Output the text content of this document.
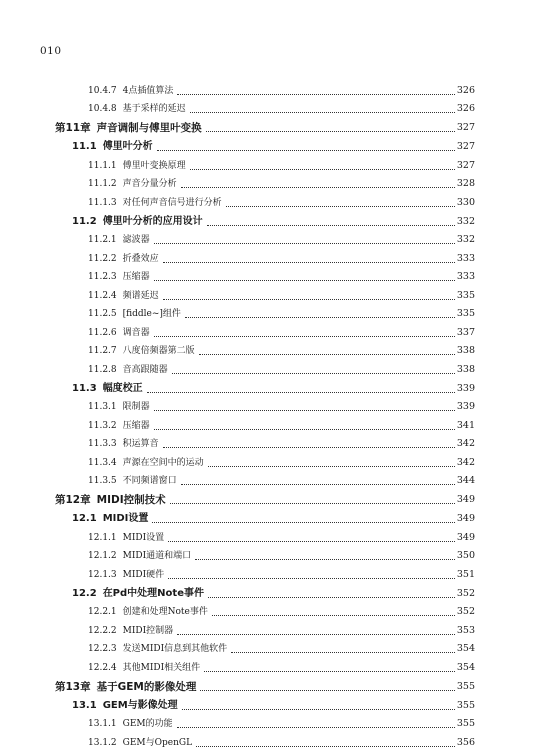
010
10.4.7 4点插值算法	326
10.4.8 基于采样的延迟	326
第11章 声音调制与傅里叶变换	327
11.1 傅里叶分析	327
11.1.1 傅里叶变换原理	327
11.1.2 声音分量分析	328
11.1.3 对任何声音信号进行分析	330
11.2 傅里叶分析的应用设计	332
11.2.1 滤波器	332
11.2.2 折叠效应	333
11.2.3 压缩器	333
11.2.4 频谱延迟	335
11.2.5 [fiddle~]组件	335
11.2.6 调音器	337
11.2.7 八度倍频器第二版	338
11.2.8 音高跟随器	338
11.3 幅度校正	339
11.3.1 限制器	339
11.3.2 压缩器	341
11.3.3 积运算音	342
11.3.4 声源在空间中的运动	342
11.3.5 不同频谱窗口	344
第12章 MIDI控制技术	349
12.1 MIDI设置	349
12.1.1 MIDI设置	349
12.1.2 MIDI通道和端口	350
12.1.3 MIDI硬件	351
12.2 在Pd中处理Note事件	352
12.2.1 创建和处理Note事件	352
12.2.2 MIDI控制器	353
12.2.3 发送MIDI信息到其他软件	354
12.2.4 其他MIDI相关组件	354
第13章 基于GEM的影像处理	355
13.1 GEM与影像处理	355
13.1.1 GEM的功能	355
13.1.2 GEM与OpenGL	356
